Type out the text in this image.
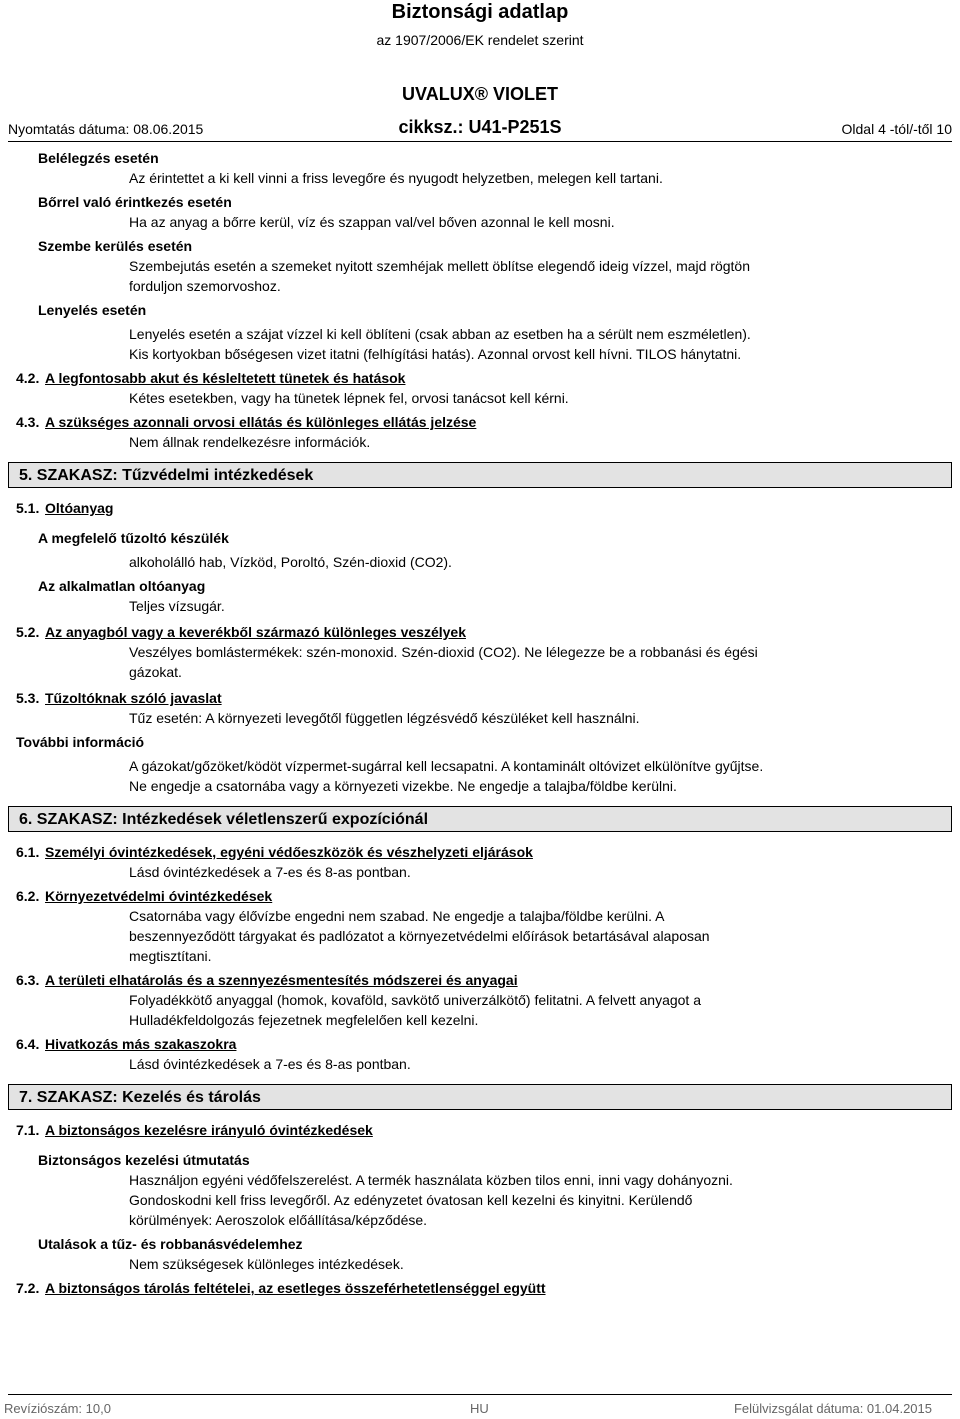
Biztonsági adatlap
az 1907/2006/EK rendelet szerint
UVALUX® VIOLET
Nyomtatás dátuma: 08.06.2015	cikksz.: U41-P251S	Oldal 4 -tól/-től 10
Belélegzés esetén
Az érintettet a ki kell vinni a friss levegőre és nyugodt helyzetben, melegen kell tartani.
Bőrrel való érintkezés esetén
Ha az anyag a bőrre kerül, víz és szappan val/vel bőven azonnal le kell mosni.
Szembe kerülés esetén
Szembejutás esetén a szemeket nyitott szemhéjak mellett öblítse elegendő ideig vízzel, majd rögtön
forduljon szemorvoshoz.
Lenyelés esetén
Lenyelés esetén a szájat vízzel ki kell öblíteni (csak abban az esetben ha a sérült nem eszméletlen).
Kis kortyokban bőségesen vizet itatni (felhígítási hatás). Azonnal orvost kell hívni. TILOS hánytatni.
4.2. A legfontosabb akut és késleltetett tünetek és hatások
Kétes esetekben, vagy ha tünetek lépnek fel, orvosi tanácsot kell kérni.
4.3. A szükséges azonnali orvosi ellátás és különleges ellátás jelzése
Nem állnak rendelkezésre információk.
5. SZAKASZ: Tűzvédelmi intézkedések
5.1. Oltóanyag
A megfelelő tűzoltó készülék
alkoholálló hab, Vízköd, Poroltó, Szén-dioxid (CO2).
Az alkalmatlan oltóanyag
Teljes vízsugár.
5.2. Az anyagból vagy a keverékből származó különleges veszélyek
Veszélyes bomlástermékek: szén-monoxid. Szén-dioxid (CO2). Ne lélegezze be a robbanási és égési
gázokat.
5.3. Tűzoltóknak szóló javaslat
Tűz esetén: A környezeti levegőtől független légzésvédő készüléket kell használni.
További információ
A gázokat/gőzöket/ködöt vízpermet-sugárral kell lecsapatni. A kontaminált oltóvizet elkülönítve gyűjtse.
Ne engedje a csatornába vagy a környezeti vizekbe. Ne engedje a talajba/földbe kerülni.
6. SZAKASZ: Intézkedések véletlenszerű expozíciónál
6.1. Személyi óvintézkedések, egyéni védőeszközök és vészhelyzeti eljárások
Lásd óvintézkedések a 7-es és 8-as pontban.
6.2. Környezetvédelmi óvintézkedések
Csatornába vagy élővízbe engedni nem szabad. Ne engedje a talajba/földbe kerülni. A
beszennyeződött tárgyakat és padlózatot a környezetvédelmi előírások betartásával alaposan
megtisztítani.
6.3. A területi elhatárolás és a szennyezésmentesítés módszerei és anyagai
Folyadékkötő anyaggal (homok, kovaföld, savkötő univerzálkötő) felitatni. A felvett anyagot a
Hulladékfeldolgozás fejezetnek megfelelően kell kezelni.
6.4. Hivatkozás más szakaszokra
Lásd óvintézkedések a 7-es és 8-as pontban.
7. SZAKASZ: Kezelés és tárolás
7.1. A biztonságos kezelésre irányuló óvintézkedések
Biztonságos kezelési útmutatás
Használjon egyéni védőfelszerelést. A termék használata közben tilos enni, inni vagy dohányozni.
Gondoskodni kell friss levegőről. Az edényzetet óvatosan kell kezelni és kinyitni. Kerülendő
körülmények: Aeroszolok előállítása/képződése.
Utalások a tűz- és robbanásvédelemhez
Nem szükségesek különleges intézkedések.
7.2. A biztonságos tárolás feltételei, az esetleges összeférhetetlenséggel együtt
Revíziószám: 10,0	HU	Felülvizsgálat dátuma: 01.04.2015
